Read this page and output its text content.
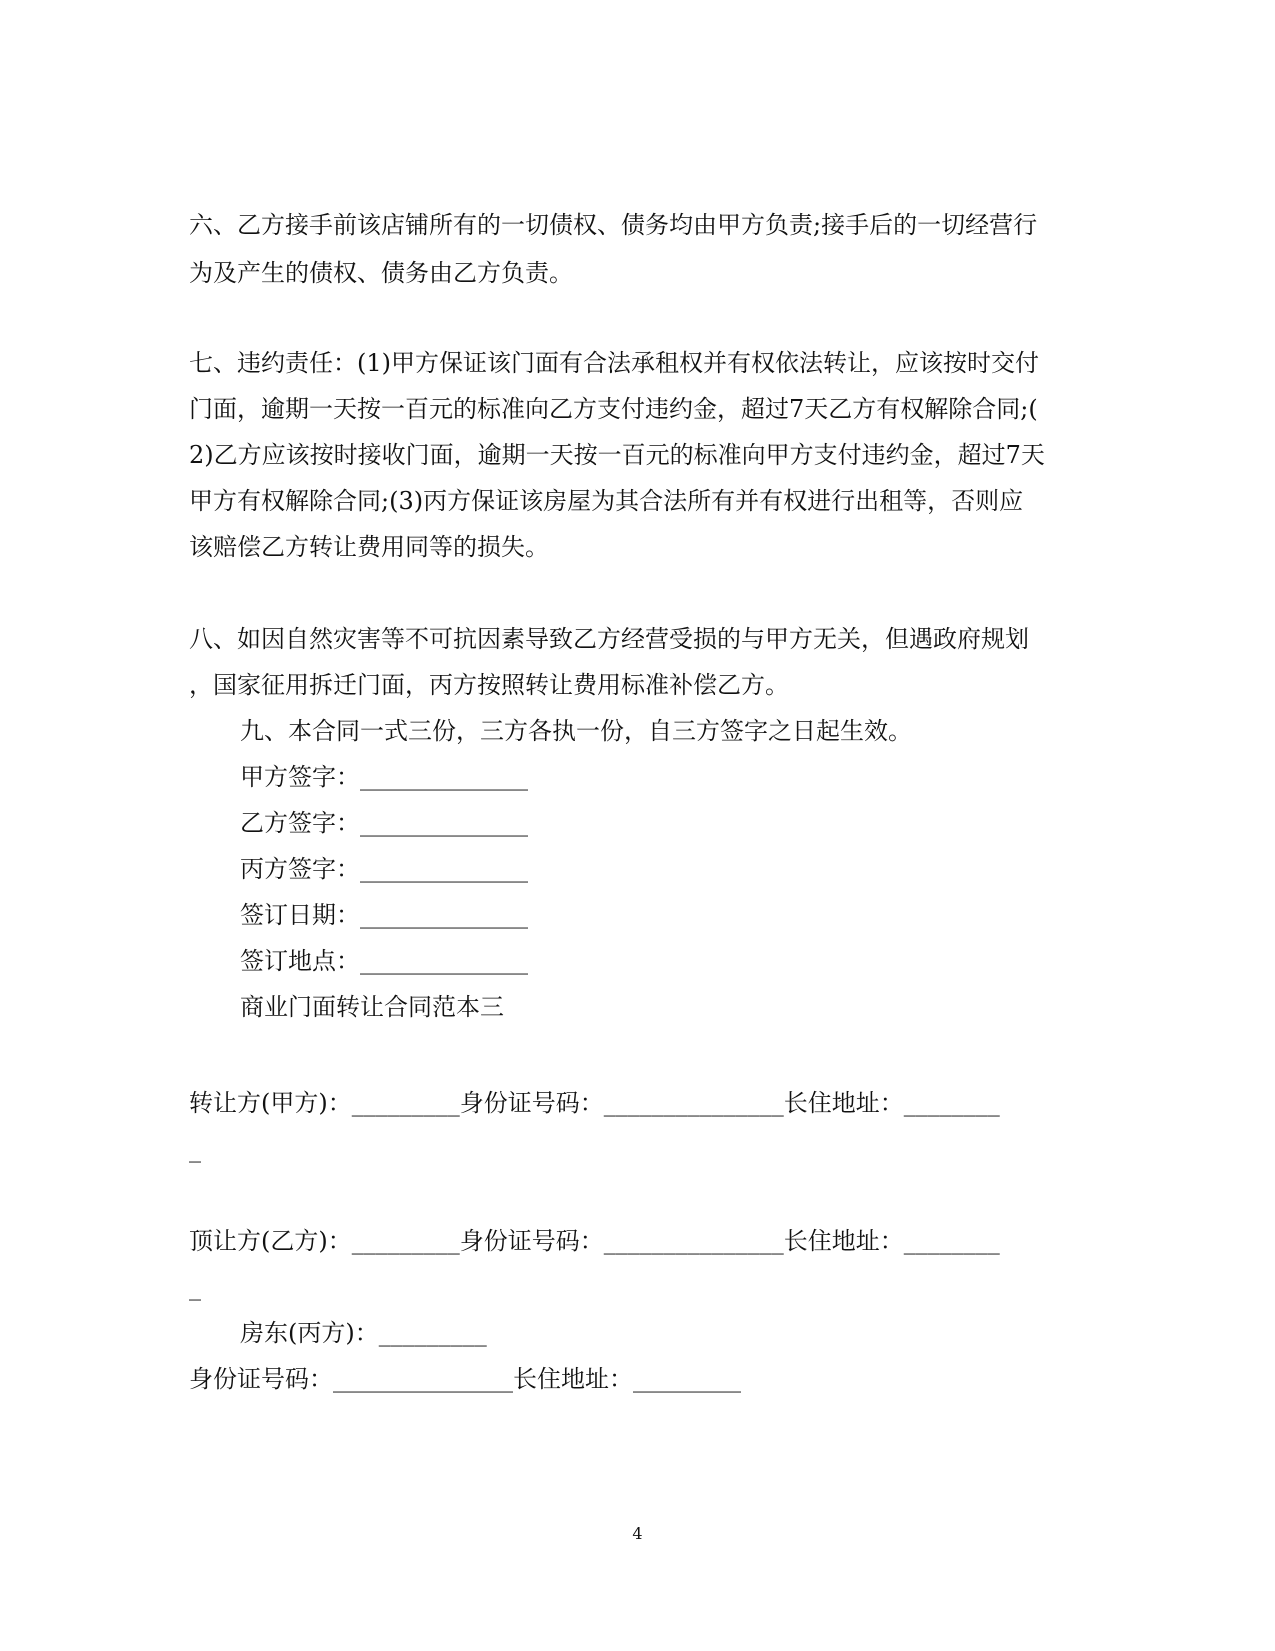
六、乙方接手前该店铺所有的一切债权、债务均由甲方负责;接手后的一切经营行
为及产生的债权、债务由乙方负责。
七、违约责任：(1)甲方保证该门面有合法承租权并有权依法转让，应该按时交付
门面，逾期一天按一百元的标准向乙方支付违约金，超过7天乙方有权解除合同;(
2)乙方应该按时接收门面，逾期一天按一百元的标准向甲方支付违约金，超过7天
甲方有权解除合同;(3)丙方保证该房屋为其合法所有并有权进行出租等，否则应
该赔偿乙方转让费用同等的损失。
八、如因自然灾害等不可抗因素导致乙方经营受损的与甲方无关，但遇政府规划
，国家征用拆迁门面，丙方按照转让费用标准补偿乙方。
九、本合同一式三份，三方各执一份，自三方签字之日起生效。
甲方签字：______________
乙方签字：______________
丙方签字：______________
签订日期：______________
签订地点：______________
商业门面转让合同范本三
转让方(甲方)：_________身份证号码：_______________长住地址：________
_
顶让方(乙方)：_________身份证号码：_______________长住地址：________
_
房东(丙方)：_________
身份证号码：_______________长住地址：_________
4
